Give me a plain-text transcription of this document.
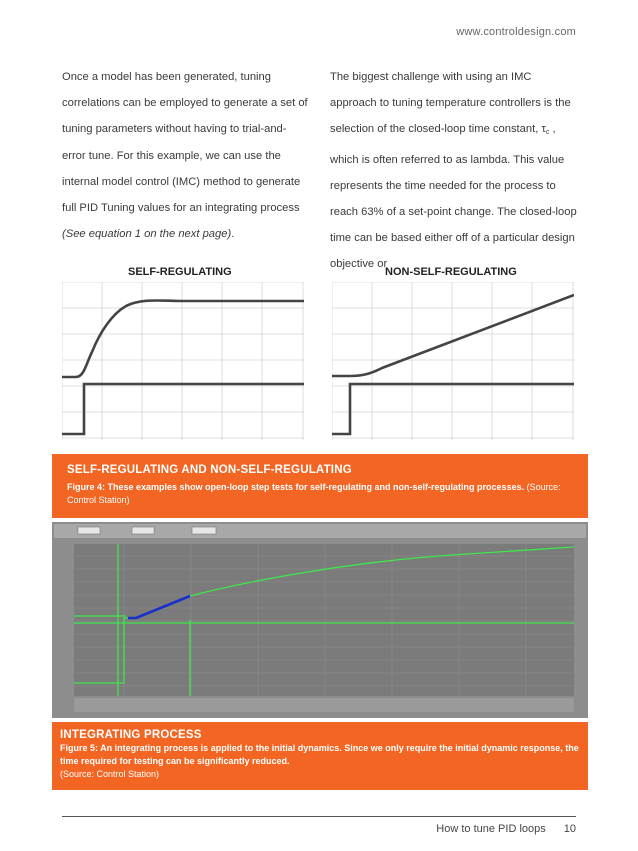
www.controldesign.com
Once a model has been generated, tuning correlations can be employed to generate a set of tuning parameters without having to trial-and-error tune. For this example, we can use the internal model control (IMC) method to generate full PID Tuning values for an integrating process (See equation 1 on the next page).
The biggest challenge with using an IMC approach to tuning temperature controllers is the selection of the closed-loop time constant, $\tau_c$ , which is often referred to as lambda. This value represents the time needed for the process to reach 63% of a set-point change. The closed-loop time can be based either off of a particular design objective or
SELF-REGULATING	NON-SELF-REGULATING
SELF-REGULATING AND NON-SELF-REGULATING
Figure 4: These examples show open-loop step tests for self-regulating and non-self-regulating processes. (Source: Control Station)
INTEGRATING PROCESS
Figure 5: An integrating process is applied to the initial dynamics. Since we only require the initial dynamic response, the time required for testing can be significantly reduced.
(Source: Control Station)
How to tune PID loops 10
